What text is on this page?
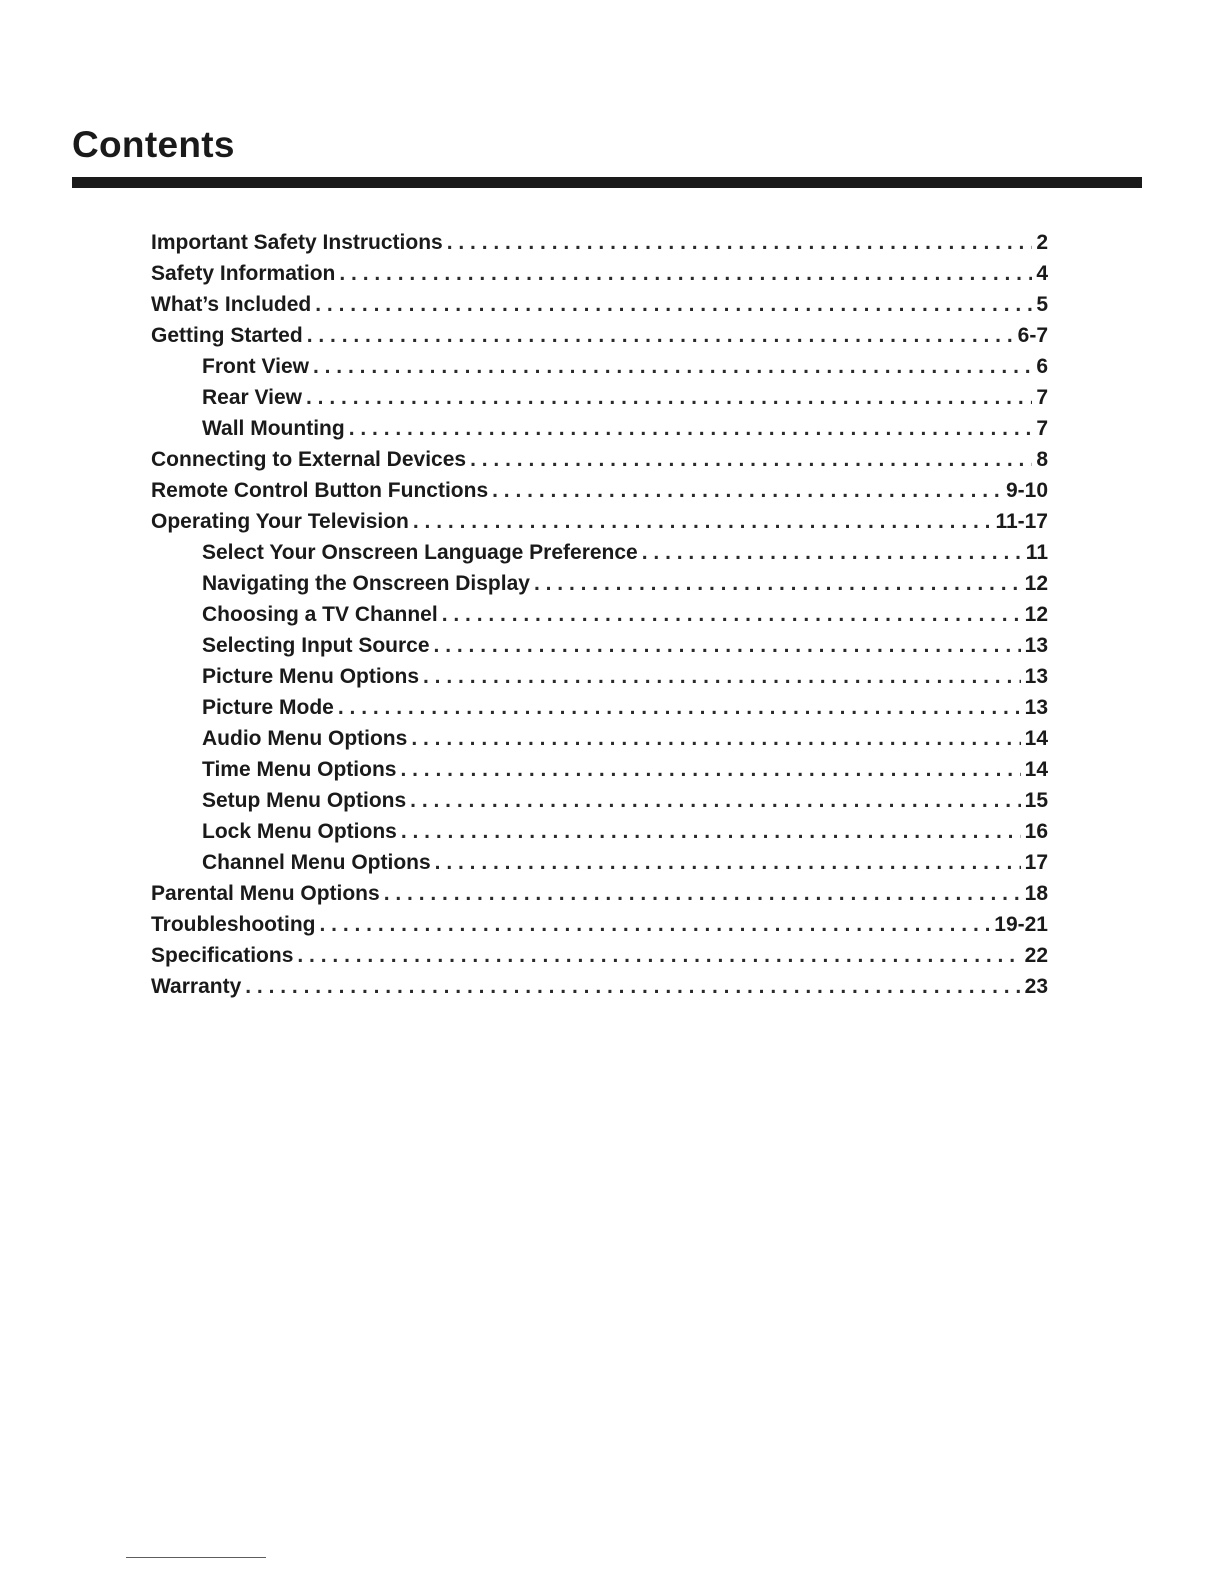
Contents
Important Safety Instructions . . .	2
Safety Information . . .	4
What’s Included . . .	5
Getting Started . . .	6-7
Front View . . .	6
Rear View . . .	7
Wall Mounting . . .	7
Connecting to External Devices . . .	8
Remote Control Button Functions . . .	9-10
Operating Your Television . . .	11-17
Select Your Onscreen Language Preference . . .	11
Navigating the Onscreen Display . . .	12
Choosing a TV Channel . . .	12
Selecting Input Source . . .	13
Picture Menu Options . . .	13
Picture Mode . . .	13
Audio Menu Options . . .	14
Time Menu Options . . .	14
Setup Menu Options . . .	15
Lock Menu Options . . .	16
Channel Menu Options . . .	17
Parental Menu Options . . .	18
Troubleshooting . . .	19-21
Specifications . . .	22
Warranty . . .	23
